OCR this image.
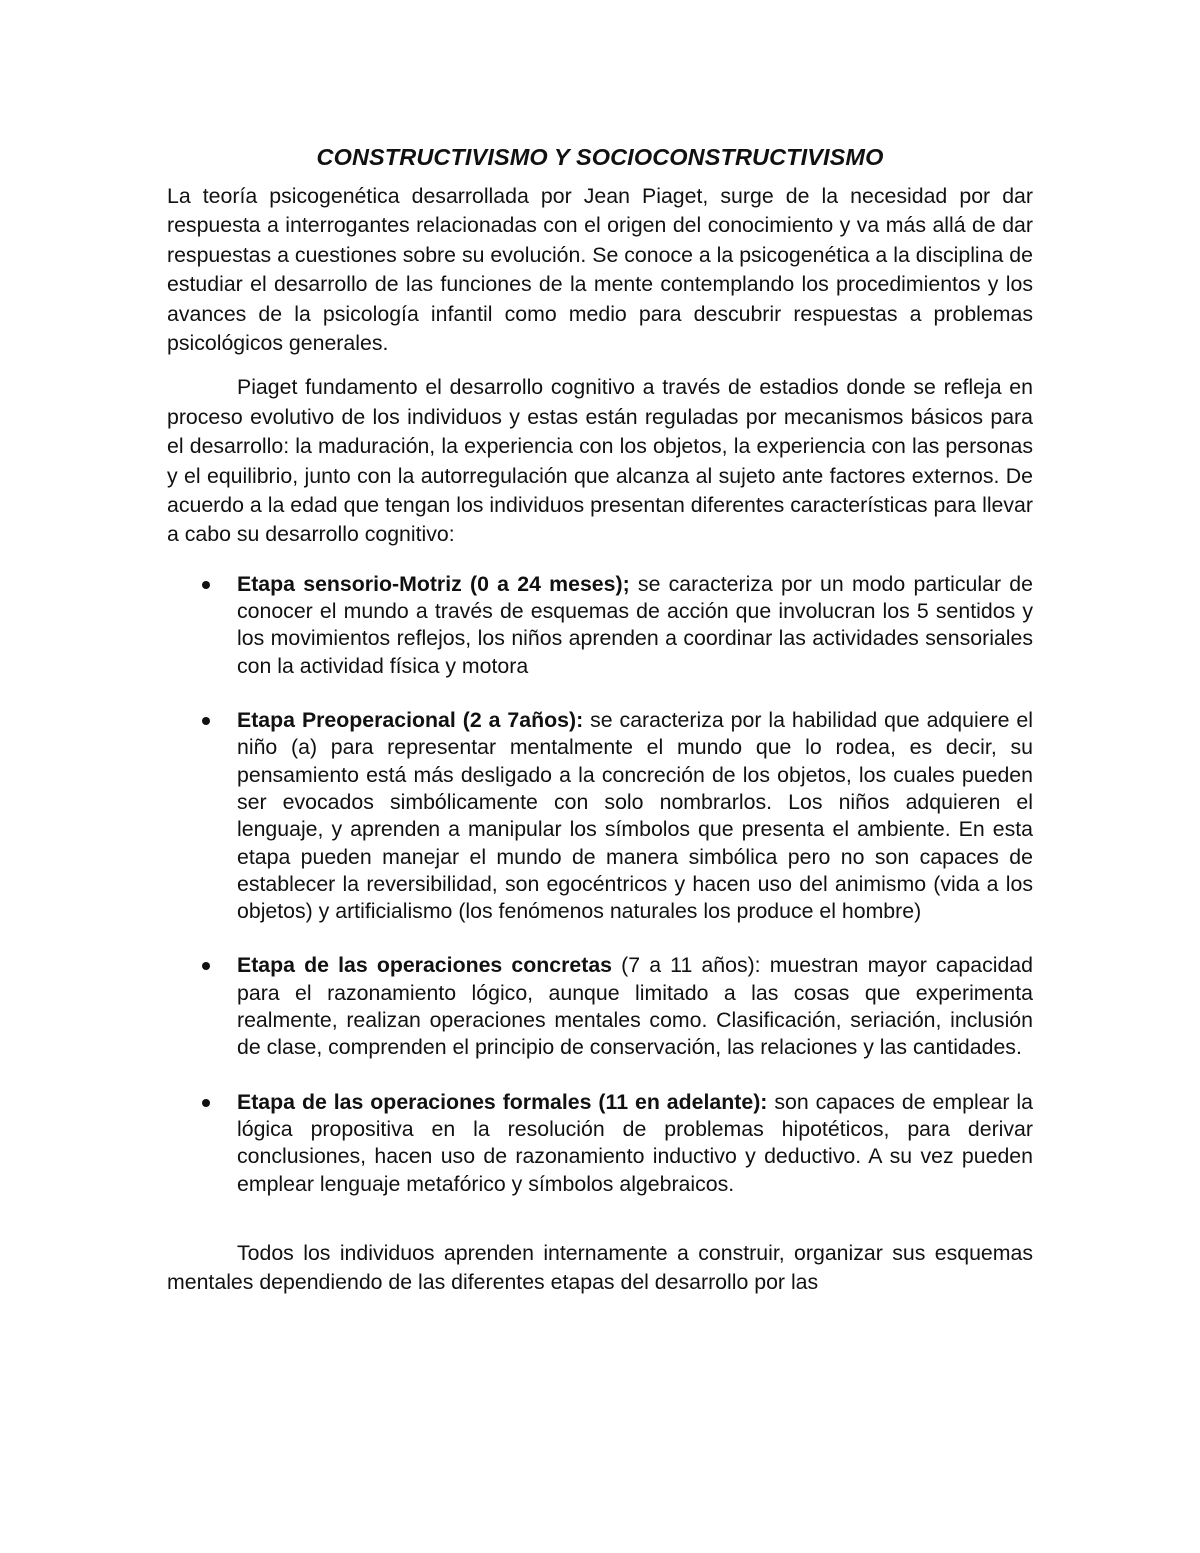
CONSTRUCTIVISMO Y SOCIOCONSTRUCTIVISMO

La teoría psicogenética desarrollada por Jean Piaget, surge de la necesidad por dar respuesta a interrogantes relacionadas con el origen del conocimiento y va más allá de dar respuestas a cuestiones sobre su evolución. Se conoce a la psicogenética a la disciplina de estudiar el desarrollo de las funciones de la mente contemplando los procedimientos y los avances de la psicología infantil como medio para descubrir respuestas a problemas psicológicos generales.

Piaget fundamento el desarrollo cognitivo a través de estadios donde se refleja en proceso evolutivo de los individuos y estas están reguladas por mecanismos básicos para el desarrollo: la maduración, la experiencia con los objetos, la experiencia con las personas y el equilibrio, junto con la autorregulación que alcanza al sujeto ante factores externos. De acuerdo a la edad que tengan los individuos presentan diferentes características para llevar a cabo su desarrollo cognitivo:

Etapa sensorio-Motriz (0 a 24 meses); se caracteriza por un modo particular de conocer el mundo a través de esquemas de acción que involucran los 5 sentidos y los movimientos reflejos, los niños aprenden a coordinar las actividades sensoriales con la actividad física y motora

Etapa Preoperacional (2 a 7años): se caracteriza por la habilidad que adquiere el niño (a) para representar mentalmente el mundo que lo rodea, es decir, su pensamiento está más desligado a la concreción de los objetos, los cuales pueden ser evocados simbólicamente con solo nombrarlos. Los niños adquieren el lenguaje, y aprenden a manipular los símbolos que presenta el ambiente. En esta etapa pueden manejar el mundo de manera simbólica pero no son capaces de establecer la reversibilidad, son egocéntricos y hacen uso del animismo (vida a los objetos) y artificialismo (los fenómenos naturales los produce el hombre)

Etapa de las operaciones concretas (7 a 11 años): muestran mayor capacidad para el razonamiento lógico, aunque limitado a las cosas que experimenta realmente, realizan operaciones mentales como. Clasificación, seriación, inclusión de clase, comprenden el principio de conservación, las relaciones y las cantidades.

Etapa de las operaciones formales (11 en adelante): son capaces de emplear la lógica propositiva en la resolución de problemas hipotéticos, para derivar conclusiones, hacen uso de razonamiento inductivo y deductivo. A su vez pueden emplear lenguaje metafórico y símbolos algebraicos.

Todos los individuos aprenden internamente a construir, organizar sus esquemas mentales dependiendo de las diferentes etapas del desarrollo por las
